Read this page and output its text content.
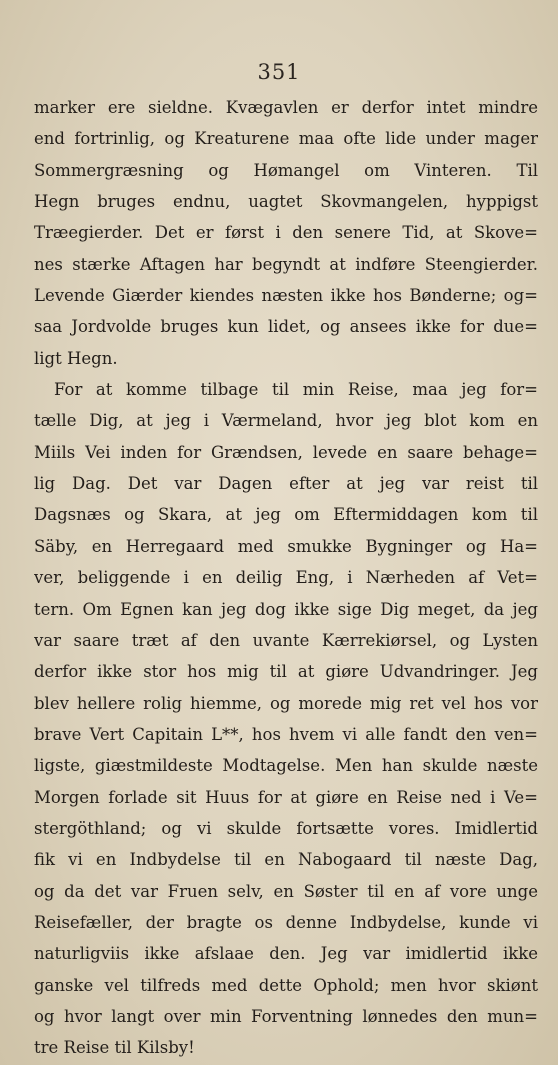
351
marker ere sieldne. Kvægavlen er derfor intet mindre
end fortrinlig, og Kreaturene maa ofte lide under mager
Sommergræsning og Hømangel om Vinteren. Til
Hegn bruges endnu, uagtet Skovmangelen, hyppigst
Træegierder. Det er først i den senere Tid, at Skove=
nes stærke Aftagen har begyndt at indføre Steengierder.
Levende Giærder kiendes næsten ikke hos Bønderne; og=
saa Jordvolde bruges kun lidet, og ansees ikke for due=
ligt Hegn.
For at komme tilbage til min Reise, maa jeg for=
tælle Dig, at jeg i Værmeland, hvor jeg blot kom en
Miils Vei inden for Grændsen, levede en saare behage=
lig Dag. Det var Dagen efter at jeg var reist til
Dagsnæs og Skara, at jeg om Eftermiddagen kom til
Säby, en Herregaard med smukke Bygninger og Ha=
ver, beliggende i en deilig Eng, i Nærheden af Vet=
tern. Om Egnen kan jeg dog ikke sige Dig meget, da jeg
var saare træt af den uvante Kærrekiørsel, og Lysten
derfor ikke stor hos mig til at giøre Udvandringer. Jeg
blev hellere rolig hiemme, og morede mig ret vel hos vor
brave Vert Capitain L**, hos hvem vi alle fandt den ven=
ligste, giæstmildeste Modtagelse. Men han skulde næste
Morgen forlade sit Huus for at giøre en Reise ned i Ve=
stergöthland; og vi skulde fortsætte vores. Imidlertid
fik vi en Indbydelse til en Nabogaard til næste Dag,
og da det var Fruen selv, en Søster til en af vore unge
Reisefæller, der bragte os denne Indbydelse, kunde vi
naturligviis ikke afslaae den. Jeg var imidlertid ikke
ganske vel tilfreds med dette Ophold; men hvor skiønt
og hvor langt over min Forventning lønnedes den mun=
tre Reise til Kilsby!
